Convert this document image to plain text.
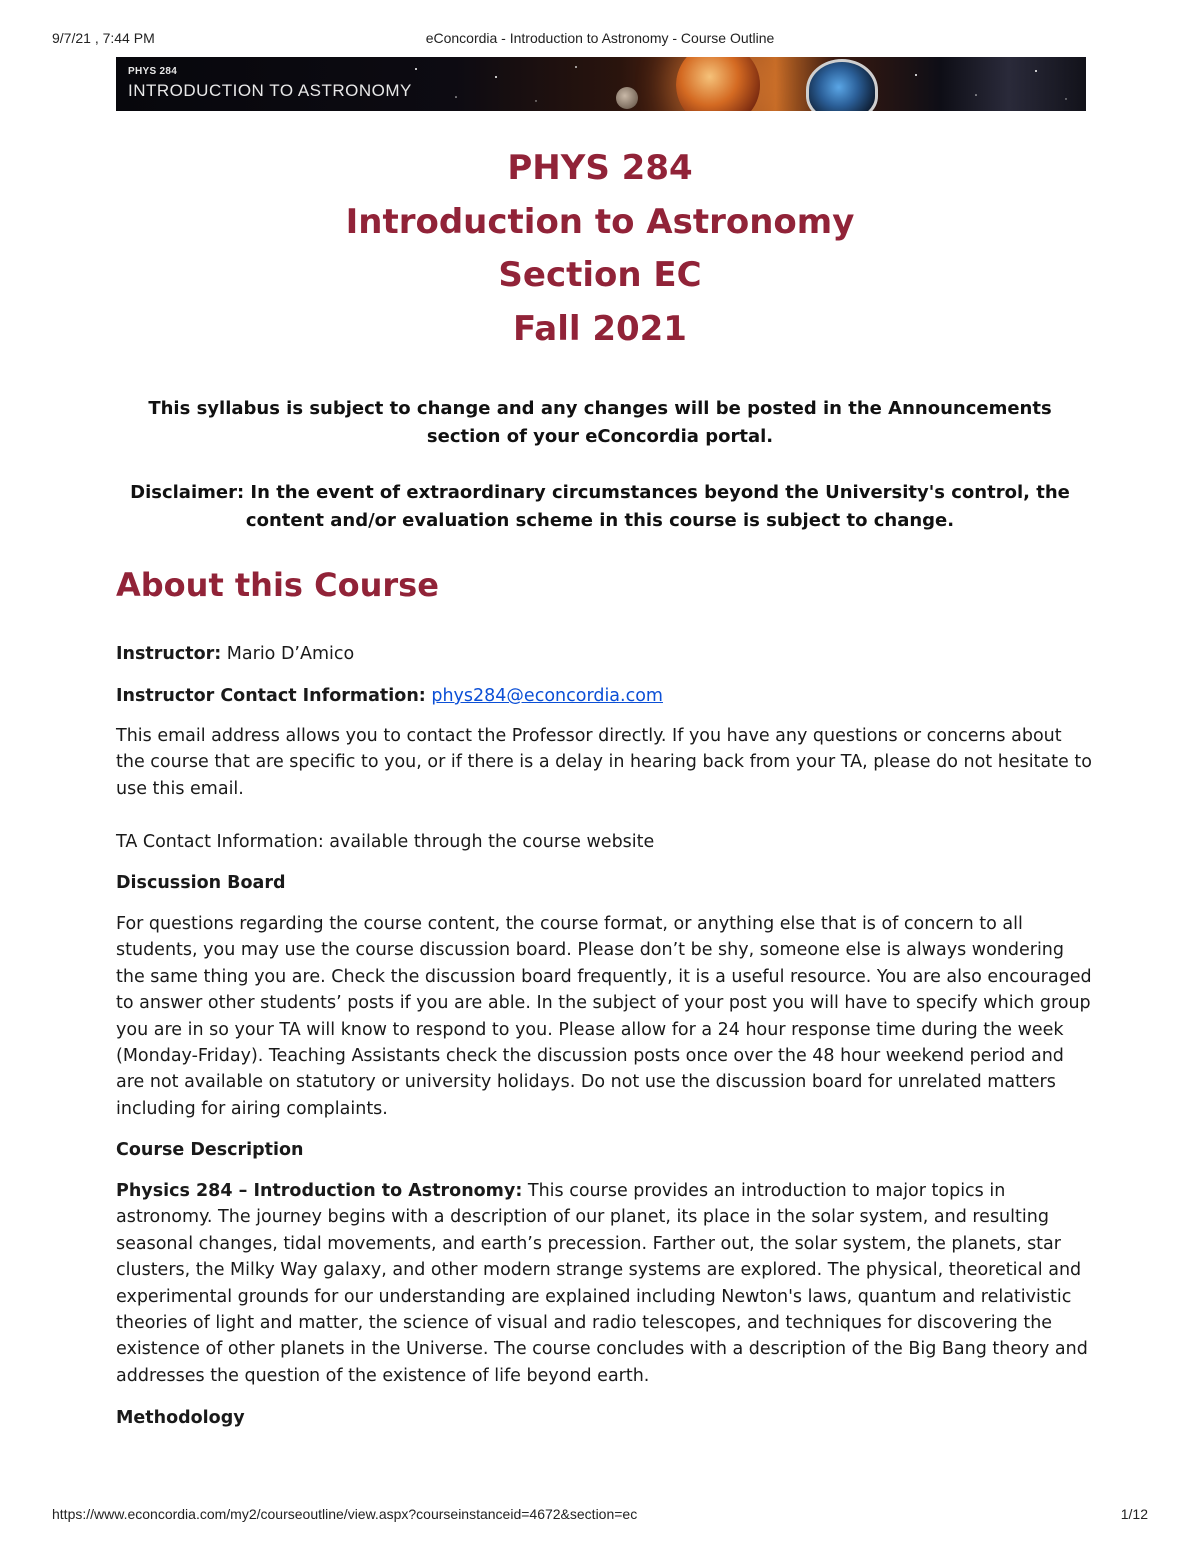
9/7/21 , 7:44 PM	eConcordia - Introduction to Astronomy - Course Outline
PHYS 284
INTRODUCTION TO ASTRONOMY
PHYS 284
Introduction to Astronomy
Section EC
Fall 2021
This syllabus is subject to change and any changes will be posted in the Announcements section of your eConcordia portal.
Disclaimer: In the event of extraordinary circumstances beyond the University's control, the content and/or evaluation scheme in this course is subject to change.
About this Course
Instructor: Mario D’Amico
Instructor Contact Information: phys284@econcordia.com
This email address allows you to contact the Professor directly. If you have any questions or concerns about the course that are specific to you, or if there is a delay in hearing back from your TA, please do not hesitate to use this email.
TA Contact Information: available through the course website
Discussion Board
For questions regarding the course content, the course format, or anything else that is of concern to all students, you may use the course discussion board. Please don’t be shy, someone else is always wondering the same thing you are. Check the discussion board frequently, it is a useful resource. You are also encouraged to answer other students’ posts if you are able. In the subject of your post you will have to specify which group you are in so your TA will know to respond to you. Please allow for a 24 hour response time during the week (Monday-Friday). Teaching Assistants check the discussion posts once over the 48 hour weekend period and are not available on statutory or university holidays. Do not use the discussion board for unrelated matters including for airing complaints.
Course Description
Physics 284 – Introduction to Astronomy: This course provides an introduction to major topics in astronomy. The journey begins with a description of our planet, its place in the solar system, and resulting seasonal changes, tidal movements, and earth’s precession. Farther out, the solar system, the planets, star clusters, the Milky Way galaxy, and other modern strange systems are explored. The physical, theoretical and experimental grounds for our understanding are explained including Newton's laws, quantum and relativistic theories of light and matter, the science of visual and radio telescopes, and techniques for discovering the existence of other planets in the Universe. The course concludes with a description of the Big Bang theory and addresses the question of the existence of life beyond earth.
Methodology
https://www.econcordia.com/my2/courseoutline/view.aspx?courseinstanceid=4672&section=ec	1/12
